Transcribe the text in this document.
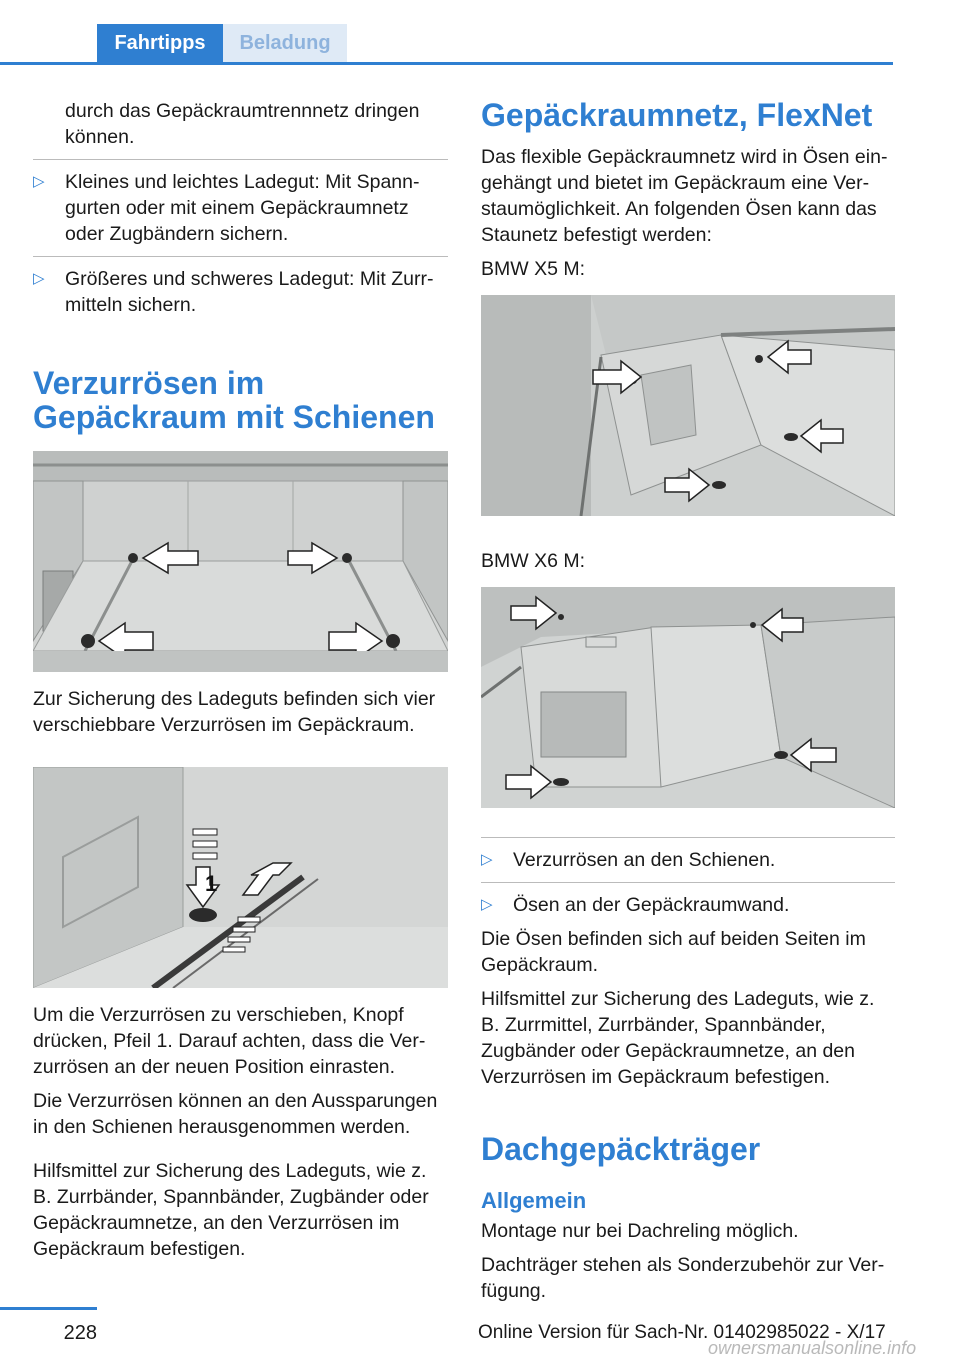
Fahrtipps	Beladung
durch das Gepäckraumtrennnetz dringen können.
▷ Kleines und leichtes Ladegut: Mit Spanngurten oder mit einem Gepäckraumnetz oder Zugbändern sichern.
▷ Größeres und schweres Ladegut: Mit Zurrmitteln sichern.
Verzurrösen im Gepäckraum mit Schienen

Zur Sicherung des Ladeguts befinden sich vier verschiebbare Verzurrösen im Gepäckraum.

1

Um die Verzurrösen zu verschieben, Knopf drücken, Pfeil 1. Darauf achten, dass die Verzurrösen an der neuen Position einrasten.

Die Verzurrösen können an den Aussparungen in den Schienen herausgenommen werden.

Hilfsmittel zur Sicherung des Ladeguts, wie z. B. Zurrbänder, Spannbänder, Zugbänder oder Gepäckraumnetze, an den Verzurrösen im Gepäckraum befestigen.

Gepäckraumnetz, FlexNet

Das flexible Gepäckraumnetz wird in Ösen eingehängt und bietet im Gepäckraum eine Verstaumöglichkeit. An folgenden Ösen kann das Staunetz befestigt werden:

BMW X5 M:

BMW X6 M:

▷ Verzurrösen an den Schienen.
▷ Ösen an der Gepäckraumwand.

Die Ösen befinden sich auf beiden Seiten im Gepäckraum.

Hilfsmittel zur Sicherung des Ladeguts, wie z. B. Zurrmittel, Zurrbänder, Spannbänder, Zugbänder oder Gepäckraumnetze, an den Verzurrösen im Gepäckraum befestigen.

Dachgepäckträger
Allgemein

Montage nur bei Dachreling möglich.

Dachträger stehen als Sonderzubehör zur Verfügung.

228	Online Version für Sach-Nr. 01402985022 - X/17
ownersmanualsonline.info
